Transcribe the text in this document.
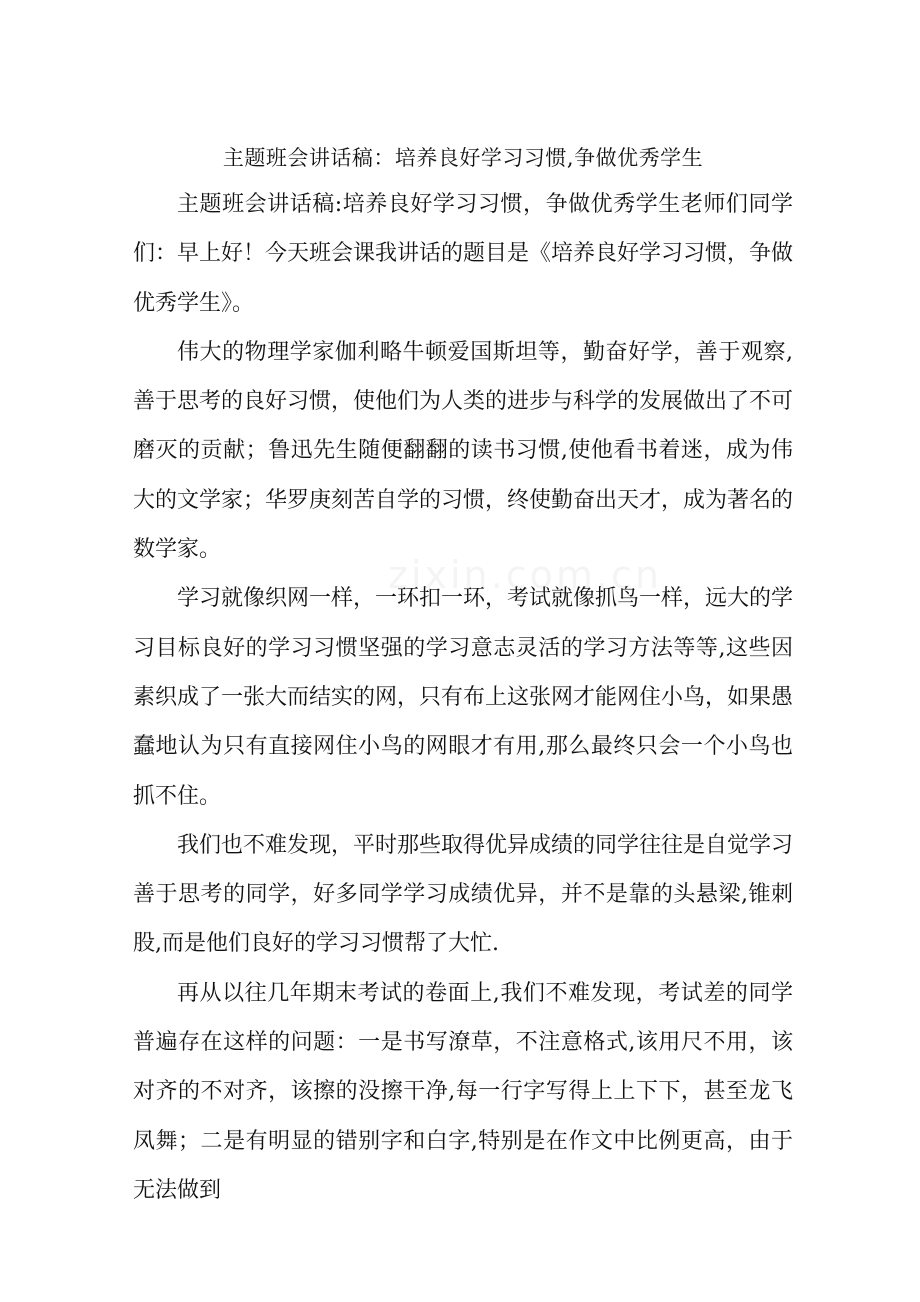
主题班会讲话稿：培养良好学习习惯,争做优秀学生

主题班会讲话稿:培养良好学习习惯，争做优秀学生老师们同学们：早上好！今天班会课我讲话的题目是《培养良好学习习惯，争做优秀学生》。

伟大的物理学家伽利略牛顿爱国斯坦等，勤奋好学，善于观察,善于思考的良好习惯，使他们为人类的进步与科学的发展做出了不可磨灭的贡献；鲁迅先生随便翻翻的读书习惯,使他看书着迷，成为伟大的文学家；华罗庚刻苦自学的习惯，终使勤奋出天才，成为著名的数学家。

学习就像织网一样，一环扣一环，考试就像抓鸟一样，远大的学习目标良好的学习习惯坚强的学习意志灵活的学习方法等等,这些因素织成了一张大而结实的网，只有布上这张网才能网住小鸟，如果愚蠢地认为只有直接网住小鸟的网眼才有用,那么最终只会一个小鸟也抓不住。

我们也不难发现，平时那些取得优异成绩的同学往往是自觉学习善于思考的同学，好多同学学习成绩优异，并不是靠的头悬梁,锥刺股,而是他们良好的学习习惯帮了大忙.

再从以往几年期末考试的卷面上,我们不难发现，考试差的同学普遍存在这样的问题：一是书写潦草，不注意格式,该用尺不用，该对齐的不对齐，该擦的没擦干净,每一行字写得上上下下，甚至龙飞凤舞；二是有明显的错别字和白字,特别是在作文中比例更高，由于无法做到
